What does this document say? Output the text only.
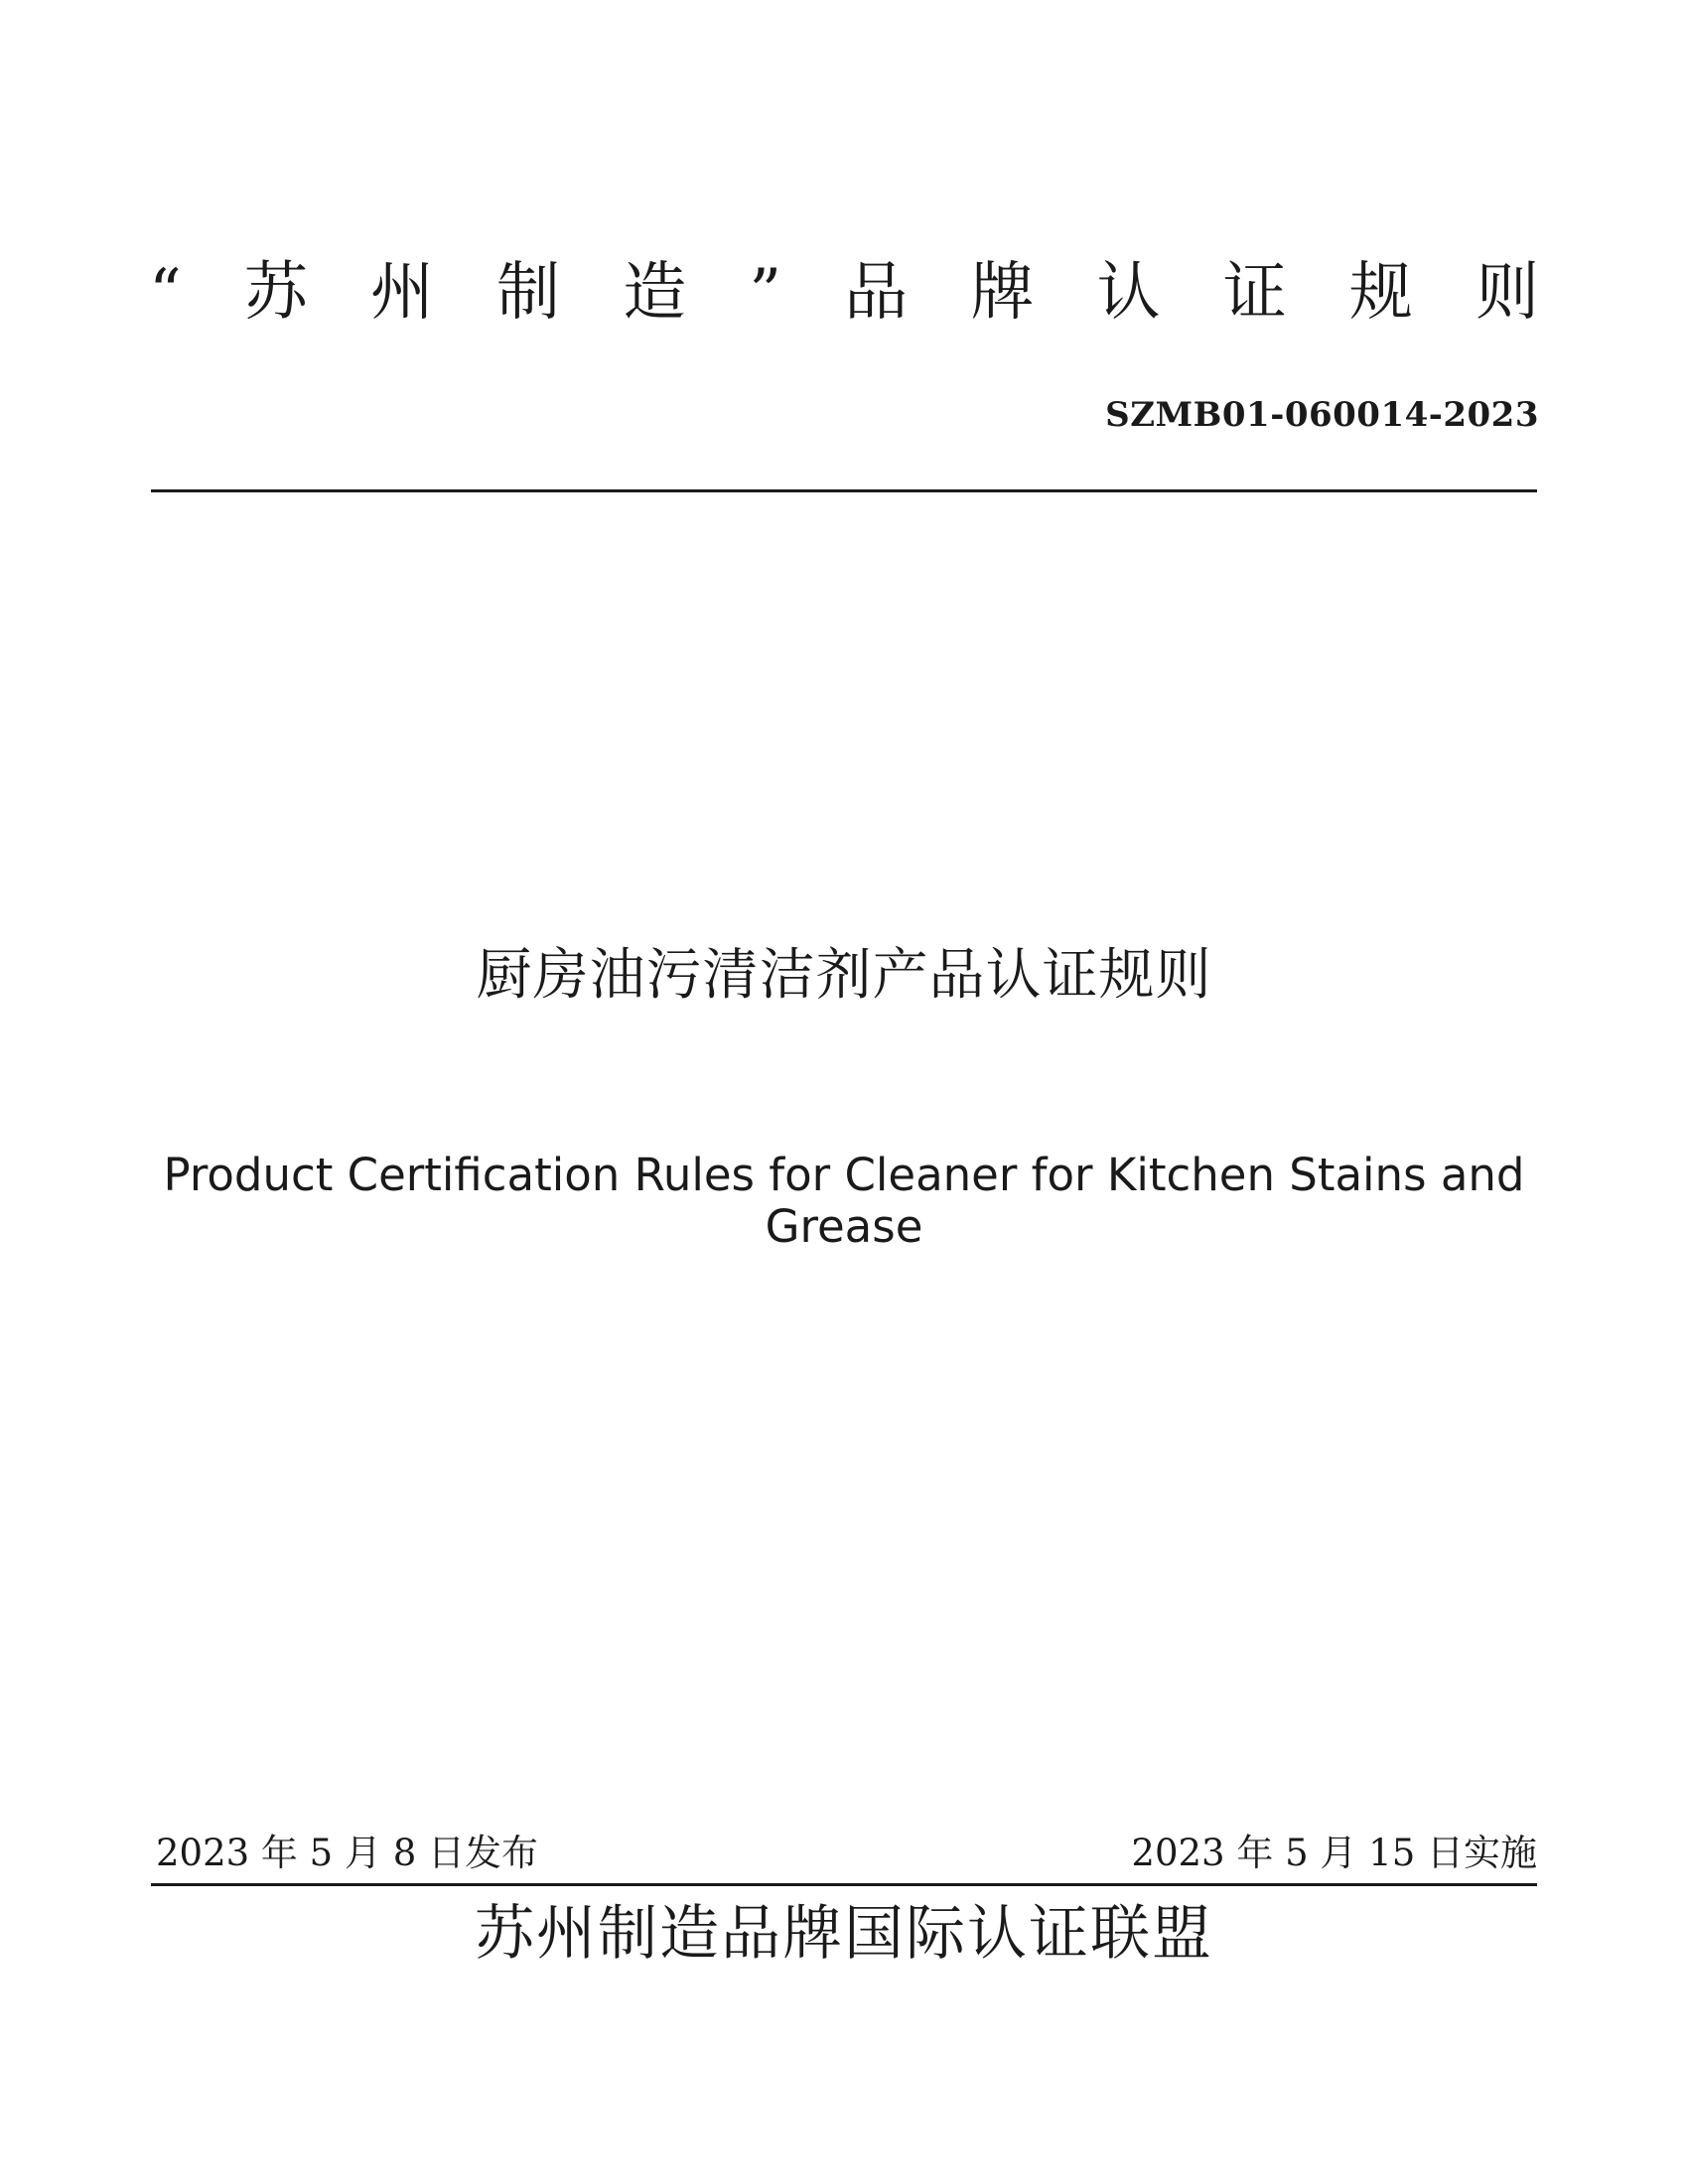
“ 苏 州 制 造 ” 品 牌 认 证 规 则
SZMB01-060014-2023
厨房油污清洁剂产品认证规则
Product Certification Rules for Cleaner for Kitchen Stains and Grease
2023 年 5 月 8 日发布	2023 年 5 月 15 日实施
苏州制造品牌国际认证联盟
